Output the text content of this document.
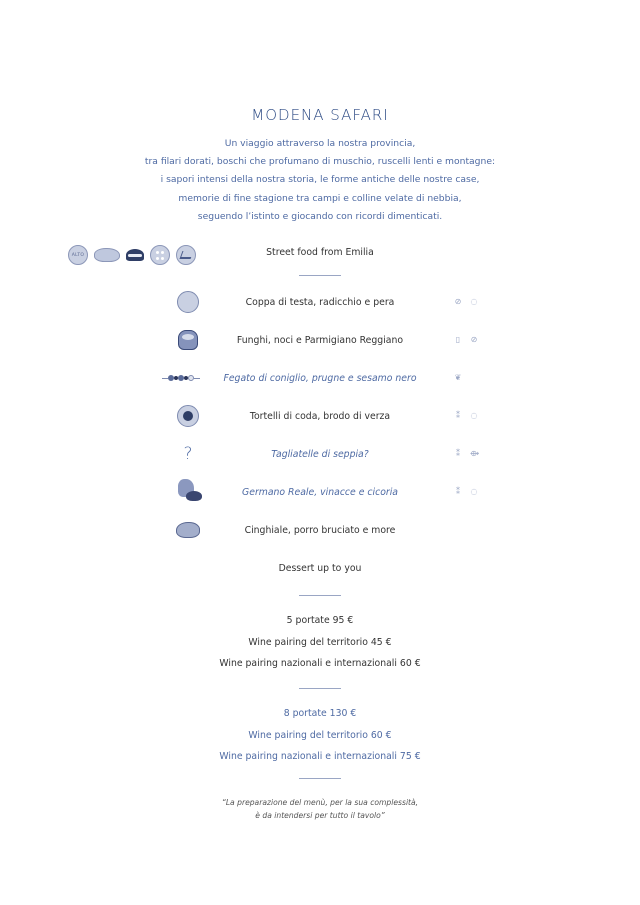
MODENA SAFARI
Un viaggio attraverso la nostra provincia,
tra filari dorati, boschi che profumano di muschio, ruscelli lenti e montagne:
i sapori intensi della nostra storia, le forme antiche delle nostre case,
memorie di fine stagione tra campi e colline velate di nebbia,
seguendo l’istinto e giocando con ricordi dimenticati.
ALTO	Street food from Emilia
Coppa di testa, radicchio e pera	⊘ ◌
Funghi, noci e Parmigiano Reggiano	▯ ⊘
Fegato di coniglio, prugne e sesamo nero	❦
Tortelli di coda, brodo di verza	⁑ ◌
?	Tagliatelle di seppia?	⁑ ⟴
Germano Reale, vinacce e cicoria	⁑ ◌
Cinghiale, porro bruciato e more
Dessert up to you
5 portate 95 €
Wine pairing del territorio 45 €
Wine pairing nazionali e internazionali 60 €
8 portate 130 €
Wine pairing del territorio 60 €
Wine pairing nazionali e internazionali 75 €
“La preparazione del menù, per la sua complessità,
è da intendersi per tutto il tavolo”
